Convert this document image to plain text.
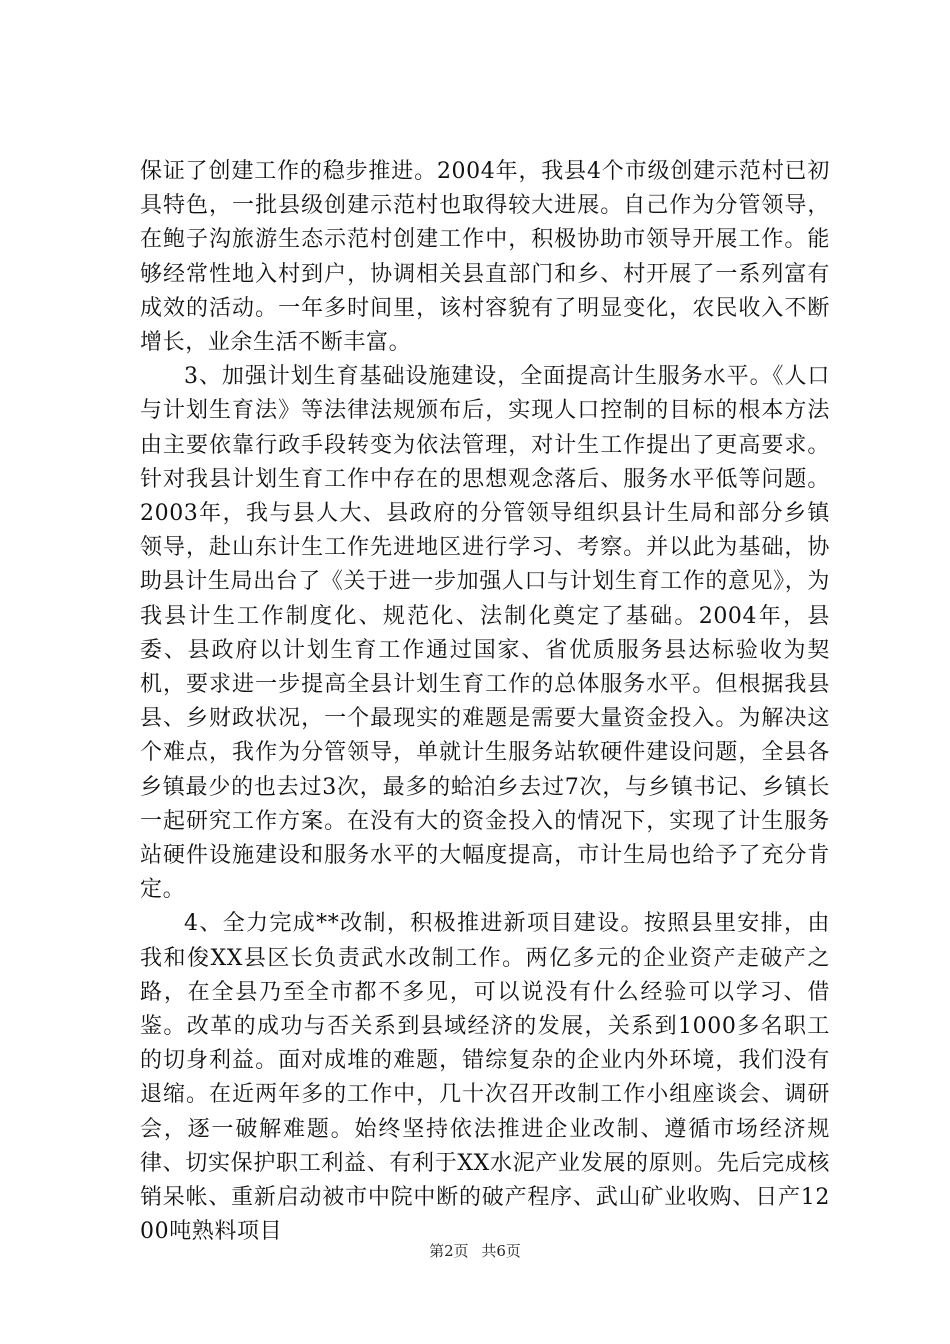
保证了创建工作的稳步推进。2004年，我县4个市级创建示范村已初具特色，一批县级创建示范村也取得较大进展。自己作为分管领导，在鲍子沟旅游生态示范村创建工作中，积极协助市领导开展工作。能够经常性地入村到户，协调相关县直部门和乡、村开展了一系列富有成效的活动。一年多时间里，该村容貌有了明显变化，农民收入不断增长，业余生活不断丰富。

3、加强计划生育基础设施建设，全面提高计生服务水平。《人口与计划生育法》等法律法规颁布后，实现人口控制的目标的根本方法由主要依靠行政手段转变为依法管理，对计生工作提出了更高要求。针对我县计划生育工作中存在的思想观念落后、服务水平低等问题。2003年，我与县人大、县政府的分管领导组织县计生局和部分乡镇领导，赴山东计生工作先进地区进行学习、考察。并以此为基础，协助县计生局出台了《关于进一步加强人口与计划生育工作的意见》，为我县计生工作制度化、规范化、法制化奠定了基础。2004年，县委、县政府以计划生育工作通过国家、省优质服务县达标验收为契机，要求进一步提高全县计划生育工作的总体服务水平。但根据我县县、乡财政状况，一个最现实的难题是需要大量资金投入。为解决这个难点，我作为分管领导，单就计生服务站软硬件建设问题，全县各乡镇最少的也去过3次，最多的蛤泊乡去过7次，与乡镇书记、乡镇长一起研究工作方案。在没有大的资金投入的情况下，实现了计生服务站硬件设施建设和服务水平的大幅度提高，市计生局也给予了充分肯定。

4、全力完成**改制，积极推进新项目建设。按照县里安排，由我和俊XX县区长负责武水改制工作。两亿多元的企业资产走破产之路，在全县乃至全市都不多见，可以说没有什么经验可以学习、借鉴。改革的成功与否关系到县域经济的发展，关系到1000多名职工的切身利益。面对成堆的难题，错综复杂的企业内外环境，我们没有退缩。在近两年多的工作中，几十次召开改制工作小组座谈会、调研会，逐一破解难题。始终坚持依法推进企业改制、遵循市场经济规律、切实保护职工利益、有利于XX水泥产业发展的原则。先后完成核销呆帐、重新启动被市中院中断的破产程序、武山矿业收购、日产1200吨熟料项目

第2页 共6页
